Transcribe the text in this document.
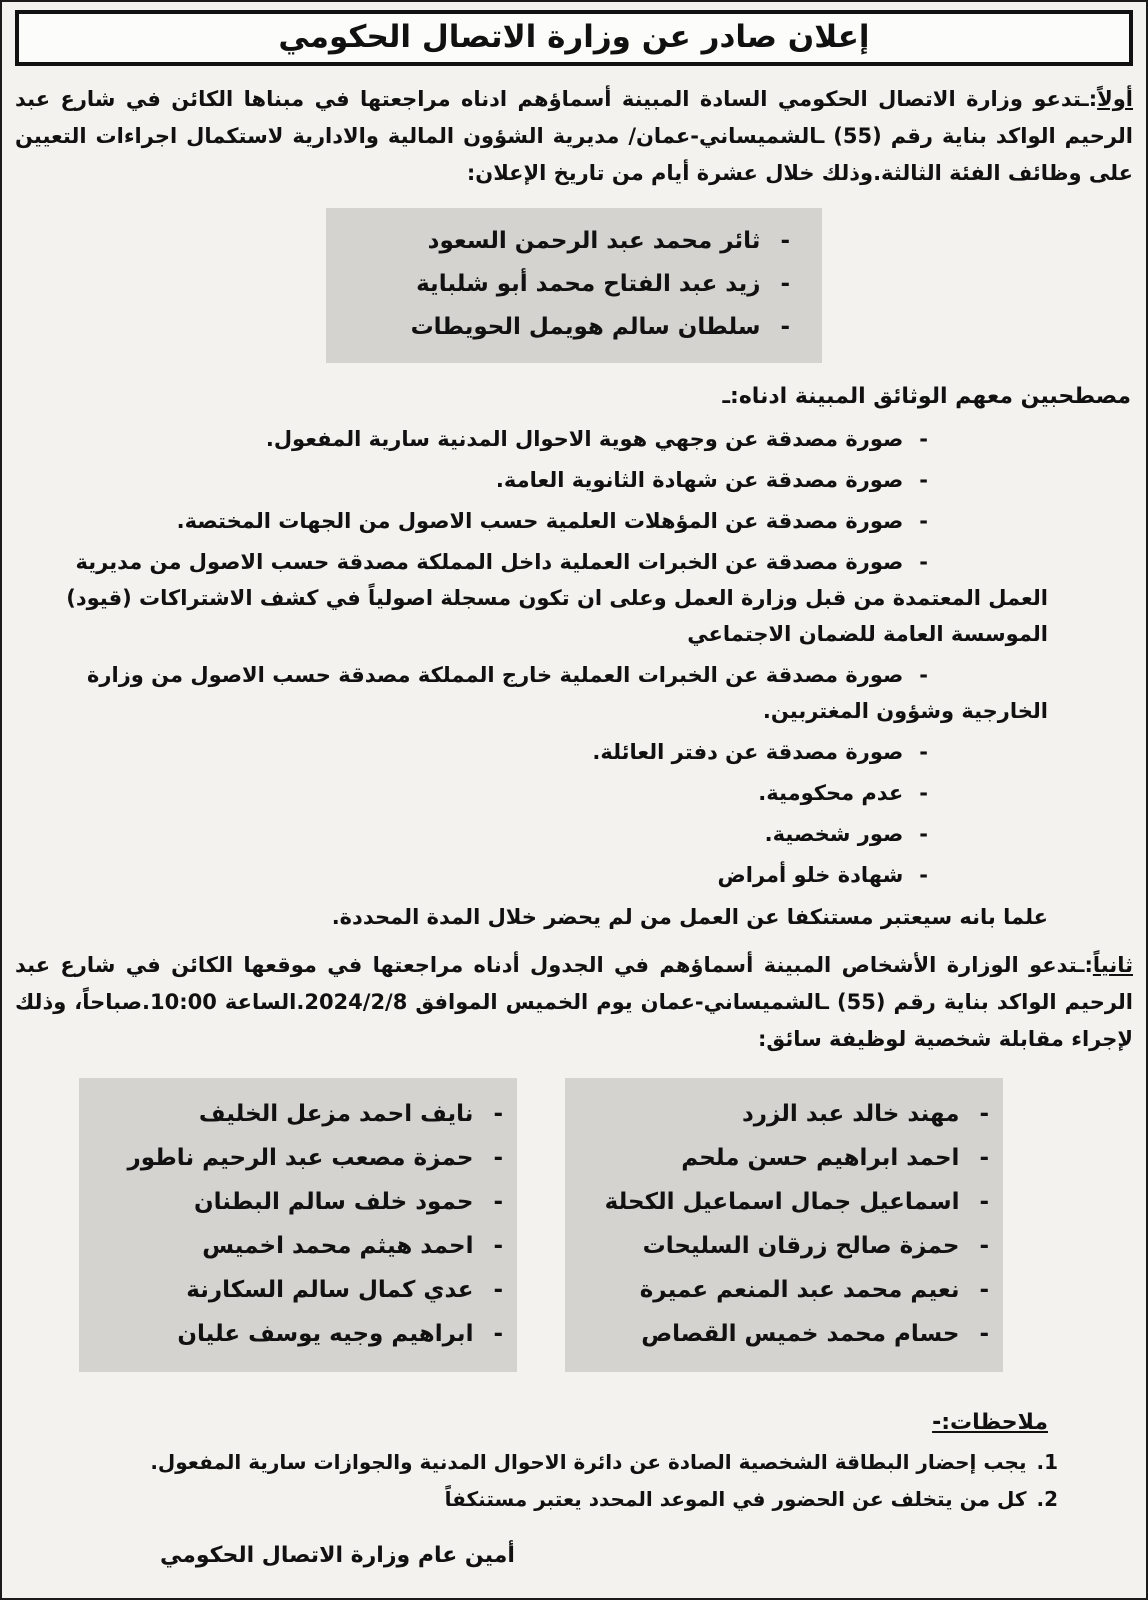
إعلان صادر عن وزارة الاتصال الحكومي

أولاً:ـتدعو وزارة الاتصال الحكومي السادة المبينة أسماؤهم ادناه مراجعتها في مبناها الكائن في شارع عبد الرحيم الواكد بناية رقم (55) ـالشميساني-عمان/ مديرية الشؤون المالية والادارية لاستكمال اجراءات التعيين على وظائف الفئة الثالثة.وذلك خلال عشرة أيام من تاريخ الإعلان:

- ثائر محمد عبد الرحمن السعود
- زيد عبد الفتاح محمد أبو شلباية
- سلطان سالم هويمل الحويطات

مصطحبين معهم الوثائق المبينة ادناه:ـ

- صورة مصدقة عن وجهي هوية الاحوال المدنية سارية المفعول.
- صورة مصدقة عن شهادة الثانوية العامة.
- صورة مصدقة عن المؤهلات العلمية حسب الاصول من الجهات المختصة.
- صورة مصدقة عن الخبرات العملية داخل المملكة مصدقة حسب الاصول من مديرية العمل المعتمدة من قبل وزارة العمل وعلى ان تكون مسجلة اصولياً في كشف الاشتراكات (قيود) الموسسة العامة للضمان الاجتماعي
- صورة مصدقة عن الخبرات العملية خارج المملكة مصدقة حسب الاصول من وزارة الخارجية وشؤون المغتربين.
- صورة مصدقة عن دفتر العائلة.
- عدم محكومية.
- صور شخصية.
- شهادة خلو أمراض

علما بانه سيعتبر مستنكفا عن العمل من لم يحضر خلال المدة المحددة.

ثانياً:ـتدعو الوزارة الأشخاص المبينة أسماؤهم في الجدول أدناه مراجعتها في موقعها الكائن في شارع عبد الرحيم الواكد بناية رقم (55) ـالشميساني-عمان يوم الخميس الموافق 2024/2/8.الساعة 10:00.صباحاً، وذلك لإجراء مقابلة شخصية لوظيفة سائق:

- مهند خالد عبد الزرد
- احمد ابراهيم حسن ملحم
- اسماعيل جمال اسماعيل الكحلة
- حمزة صالح زرقان السليحات
- نعيم محمد عبد المنعم عميرة
- حسام محمد خميس القصاص
- نايف احمد مزعل الخليف
- حمزة مصعب عبد الرحيم ناطور
- حمود خلف سالم البطنان
- احمد هيثم محمد اخميس
- عدي كمال سالم السكارنة
- ابراهيم وجيه يوسف عليان

ملاحظات:-

1.
يجب إحضار البطاقة الشخصية الصادة عن دائرة الاحوال المدنية والجوازات سارية المفعول.
2.
كل من يتخلف عن الحضور في الموعد المحدد يعتبر مستنكفاً

أمين عام وزارة الاتصال الحكومي
